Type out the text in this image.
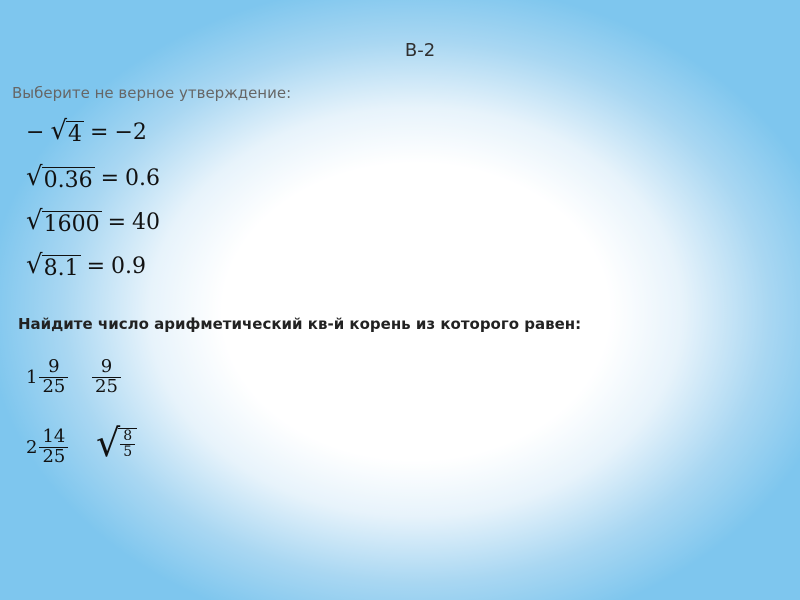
В-2
Выберите не верное утверждение:
− √ 4 = −2
√ 0.36 = 0.6
√ 1600 = 40
√ 8.1 = 0.9
Найдите число арифметический кв-й корень из которого равен:
$1 \frac{9}{25} \frac{9}{25}$
$2 \frac{14}{25}$ √ $\frac{8}{5}$
